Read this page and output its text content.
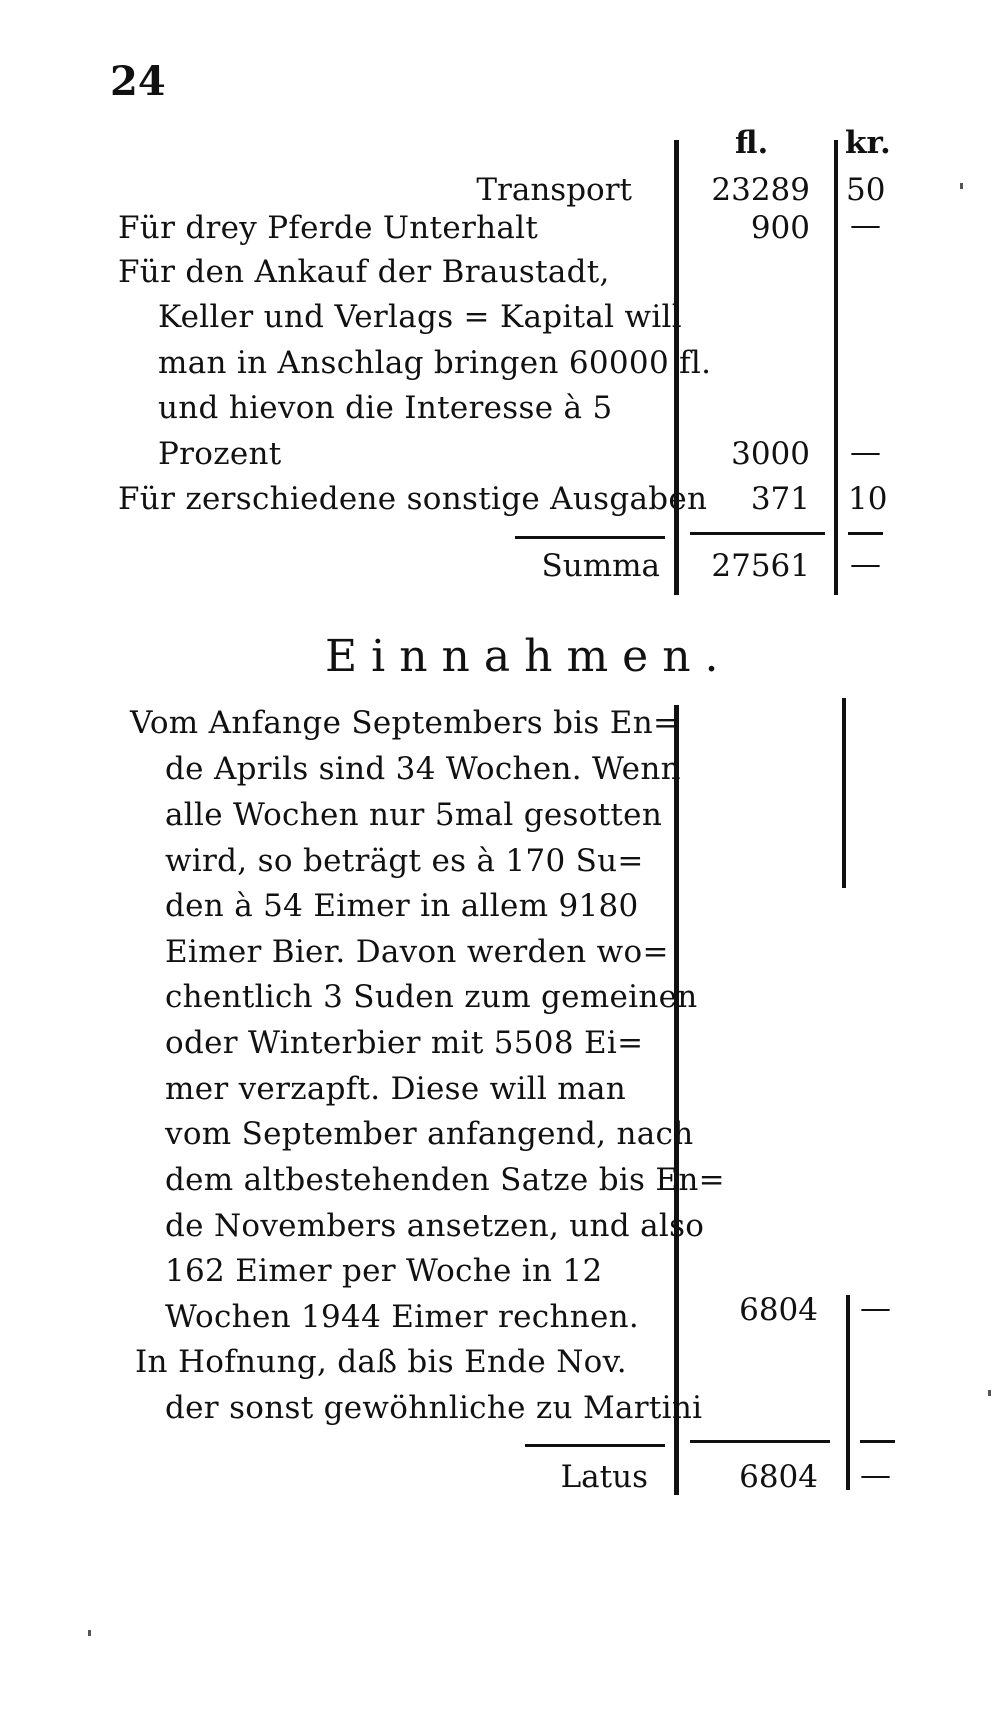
24
fl. kr.
Transport	23289 50
Für drey Pferde Unterhalt
Für den Ankauf der Braustadt,
Keller und Verlags = Kapital will
man in Anschlag bringen 60000 fl.
und hievon die Interesse à 5
Prozent
Für zerschiedene sonstige Ausgaben
900 —
3000 —
371 10
Summa 27561 —
Einnahmen.
Vom Anfange Septembers bis En=
de Aprils sind 34 Wochen. Wenn
alle Wochen nur 5mal gesotten
wird, so beträgt es à 170 Su=
den à 54 Eimer in allem 9180
Eimer Bier. Davon werden wo=
chentlich 3 Suden zum gemeinen
oder Winterbier mit 5508 Ei=
mer verzapft. Diese will man
vom September anfangend, nach
dem altbestehenden Satze bis En=
de Novembers ansetzen, und also
162 Eimer per Woche in 12
Wochen 1944 Eimer rechnen.
In Hofnung, daß bis Ende Nov.
der sonst gewöhnliche zu Martini
6804 —
Latus	6804 —
